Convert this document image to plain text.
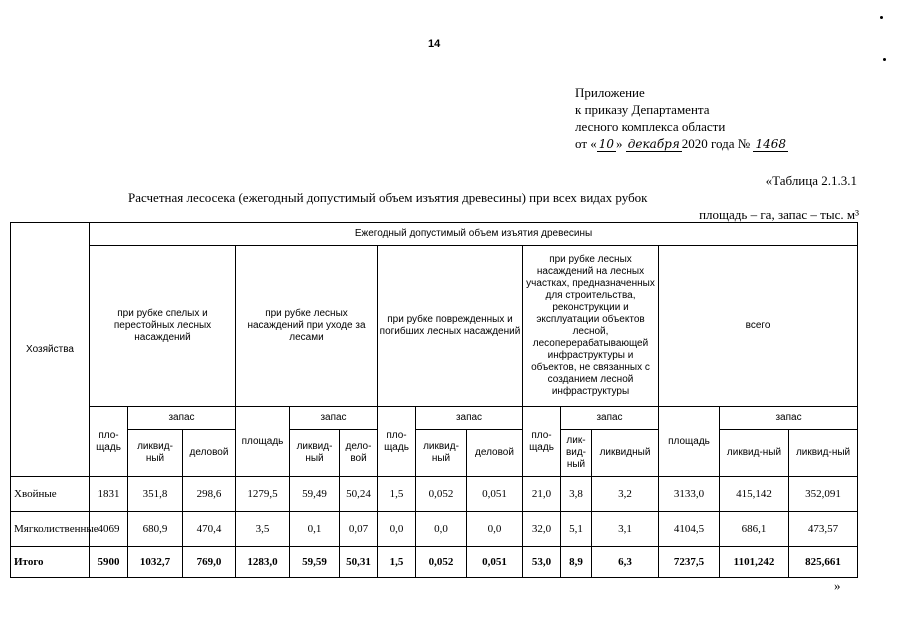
14
Приложение
к приказу Департамента
лесного комплекса области
от « 10 » декабря 2020 года № 1468
«Таблица 2.1.3.1
Расчетная лесосека (ежегодный допустимый объем изъятия древесины) при всех видах рубок
площадь – га, запас – тыс. м³
Хозяйства	Ежегодный допустимый объем изъятия древесины														
	при рубке спелых и перестойных лесных насаждений			при рубке лесных насаждений при уходе за лесами			при рубке поврежденных и погибших лесных насаждений			при рубке лесных насаждений на лесных участках, предназначенных для строительства, реконструкции и эксплуатации объектов лесной, лесоперерабатывающей инфраструктуры и объектов, не связанных с созданием лесной инфраструктуры			всего		
	пло-щадь	запас		площадь	запас		пло-щадь	запас		пло-щадь	запас		площадь	запас	
		ликвид-ный	деловой		ликвид-ный	дело-вой		ликвид-ный	деловой		лик-вид-ный	ликвидный		ликвид-ный	ликвид-ный
Хвойные	1831	351,8	298,6	1279,5	59,49	50,24	1,5	0,052	0,051	21,0	3,8	3,2	3133,0	415,142	352,091
Мягколиственные	4069	680,9	470,4	3,5	0,1	0,07	0,0	0,0	0,0	32,0	5,1	3,1	4104,5	686,1	473,57
Итого	5900	1032,7	769,0	1283,0	59,59	50,31	1,5	0,052	0,051	53,0	8,9	6,3	7237,5	1101,242	825,661
»
